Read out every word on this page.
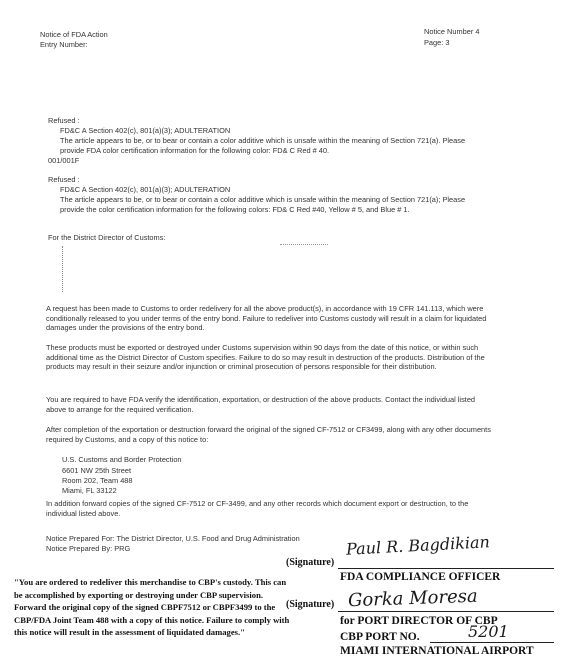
Notice of FDA Action
Entry Number:
Notice Number 4
Page: 3
Refused :
FD&C A Section 402(c), 801(a)(3); ADULTERATION
The article appears to be, or to bear or contain a color additive which is unsafe within the meaning of Section 721(a). Please provide FDA color certification information for the following color: FD& C Red # 40.
001/001F
Refused :
FD&C A Section 402(c), 801(a)(3); ADULTERATION
The article appears to be, or to bear or contain a color additive which is unsafe within the meaning of Section 721(a); Please provide the color certification information for the following colors: FD& C Red #40, Yellow # 5, and Blue # 1.
For the District Director of Customs:
A request has been made to Customs to order redelivery for all the above product(s), in accordance with 19 CFR 141.113, which were conditionally released to you under terms of the entry bond. Failure to redeliver into Customs custody will result in a claim for liquidated damages under the provisions of the entry bond.
These products must be exported or destroyed under Customs supervision within 90 days from the date of this notice, or within such additional time as the District Director of Custom specifies. Failure to do so may result in destruction of the products. Distribution of the products may result in their seizure and/or injunction or criminal prosecution of persons responsible for their distribution.
You are required to have FDA verify the identification, exportation, or destruction of the above products. Contact the individual listed above to arrange for the required verification.
After completion of the exportation or destruction forward the original of the signed CF-7512 or CF3499, along with any other documents required by Customs, and a copy of this notice to:
U.S. Customs and Border Protection
6601 NW 25th Street
Room 202, Team 488
Miami, FL 33122
In addition forward copies of the signed CF-7512 or CF-3499, and any other records which document export or destruction, to the individual listed above.
Notice Prepared For: The District Director, U.S. Food and Drug Administration
Notice Prepared By: PRG
"You are ordered to redeliver this merchandise to CBP's custody. This can be accomplished by exporting or destroying under CBP supervision. Forward the original copy of the signed CBPF7512 or CBPF3499 to the CBP/FDA Joint Team 488 with a copy of this notice. Failure to comply with this notice will result in the assessment of liquidated damages."
(Signature)
Paul R. Bagdikian
FDA COMPLIANCE OFFICER
(Signature) Gorka Moresa
for PORT DIRECTOR OF CBP
CBP PORT NO.	5201
MIAMI INTERNATIONAL AIRPORT
